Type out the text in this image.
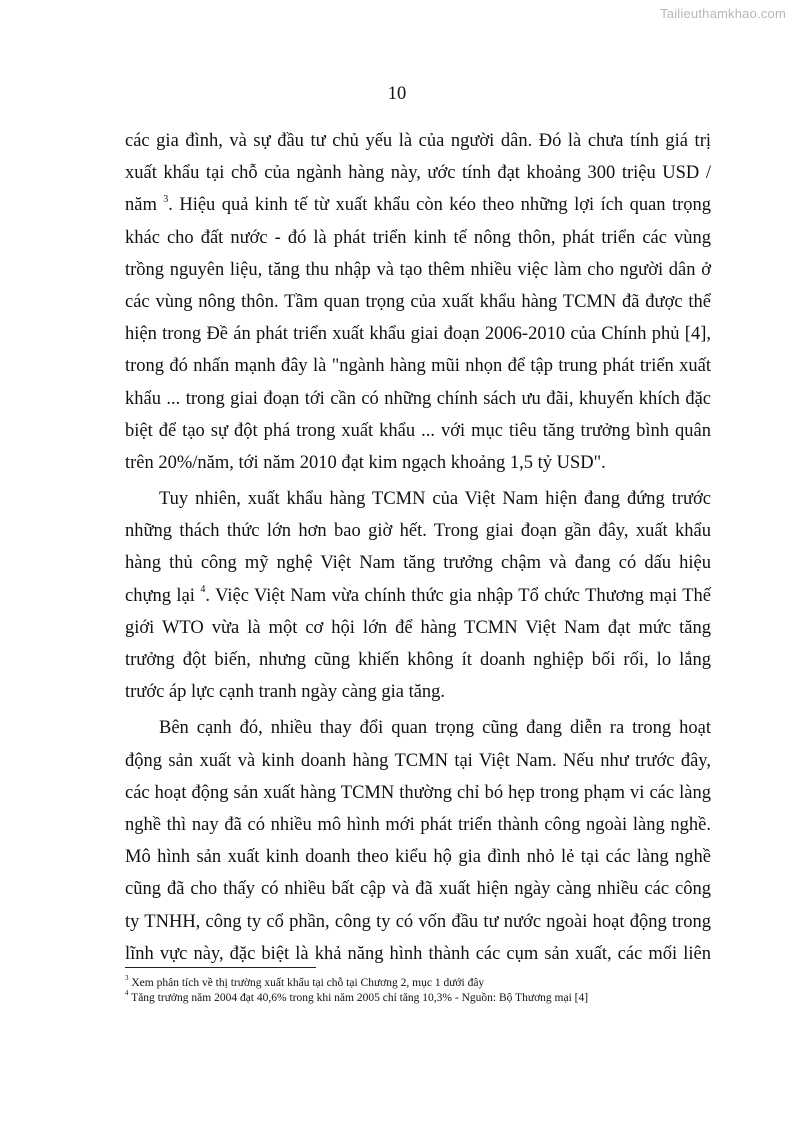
Tailieuthamkhao.com
10
các gia đình, và sự đầu tư chủ yếu là của người dân. Đó là chưa tính giá trị
xuất khẩu tại chỗ của ngành hàng này, ước tính đạt khoảng 300 triệu USD /
năm $^3$. Hiệu quả kinh tế từ xuất khẩu còn kéo theo những lợi ích quan trọng
khác cho đất nước - đó là phát triển kinh tế nông thôn, phát triển các vùng
trồng nguyên liệu, tăng thu nhập và tạo thêm nhiều việc làm cho người dân ở
các vùng nông thôn. Tầm quan trọng của xuất khẩu hàng TCMN đã được thể
hiện trong Đề án phát triển xuất khẩu giai đoạn 2006-2010 của Chính phủ [4],
trong đó nhấn mạnh đây là "ngành hàng mũi nhọn để tập trung phát triển xuất
khẩu ... trong giai đoạn tới cần có những chính sách ưu đãi, khuyến khích đặc
biệt để tạo sự đột phá trong xuất khẩu ... với mục tiêu tăng trưởng bình quân
trên 20%/năm, tới năm 2010 đạt kim ngạch khoảng 1,5 tỷ USD".
Tuy nhiên, xuất khẩu hàng TCMN của Việt Nam hiện đang đứng trước
những thách thức lớn hơn bao giờ hết. Trong giai đoạn gần đây, xuất khẩu
hàng thủ công mỹ nghệ Việt Nam tăng trưởng chậm và đang có dấu hiệu
chựng lại $^4$. Việc Việt Nam vừa chính thức gia nhập Tổ chức Thương mại Thế
giới WTO vừa là một cơ hội lớn để hàng TCMN Việt Nam đạt mức tăng
trưởng đột biến, nhưng cũng khiến không ít doanh nghiệp bối rối, lo lắng
trước áp lực cạnh tranh ngày càng gia tăng.
Bên cạnh đó, nhiều thay đổi quan trọng cũng đang diễn ra trong hoạt
động sản xuất và kinh doanh hàng TCMN tại Việt Nam. Nếu như trước đây,
các hoạt động sản xuất hàng TCMN thường chỉ bó hẹp trong phạm vi các làng
nghề thì nay đã có nhiều mô hình mới phát triển thành công ngoài làng nghề.
Mô hình sản xuất kinh doanh theo kiểu hộ gia đình nhỏ lẻ tại các làng nghề
cũng đã cho thấy có nhiều bất cập và đã xuất hiện ngày càng nhiều các công
ty TNHH, công ty cổ phần, công ty có vốn đầu tư nước ngoài hoạt động trong
lĩnh vực này, đặc biệt là khả năng hình thành các cụm sản xuất, các mối liên
$^3$ Xem phân tích về thị trường xuất khẩu tại chỗ tại Chương 2, mục 1 dưới đây
$^4$ Tăng trưởng năm 2004 đạt 40,6% trong khi năm 2005 chỉ tăng 10,3% - Nguồn: Bộ Thương mại [4]
